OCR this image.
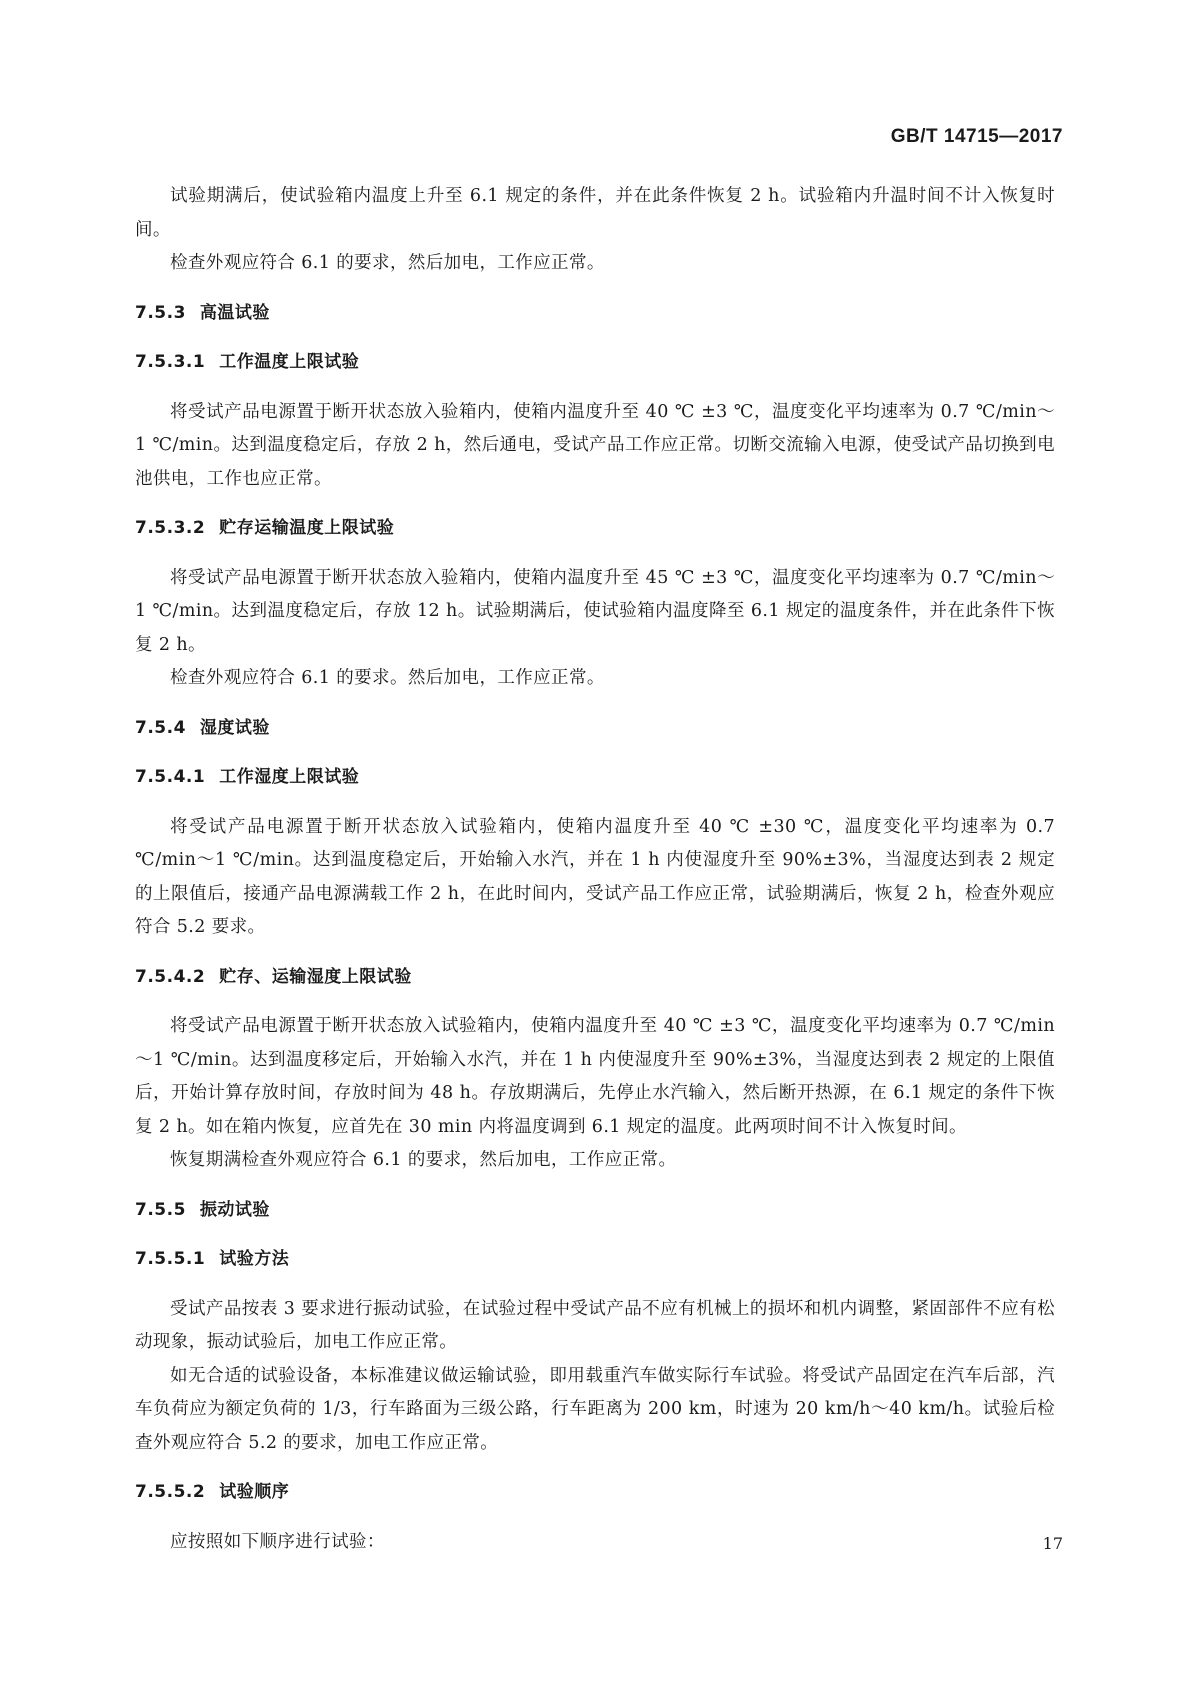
GB/T 14715—2017

试验期满后，使试验箱内温度上升至 6.1 规定的条件，并在此条件恢复 2 h。试验箱内升温时间不计入恢复时间。

检查外观应符合 6.1 的要求，然后加电，工作应正常。

7.5.3 高温试验
7.5.3.1 工作温度上限试验

将受试产品电源置于断开状态放入验箱内，使箱内温度升至 40 ℃ ±3 ℃，温度变化平均速率为 0.7 ℃/min～1 ℃/min。达到温度稳定后，存放 2 h，然后通电，受试产品工作应正常。切断交流输入电源，使受试产品切换到电池供电，工作也应正常。

7.5.3.2 贮存运输温度上限试验

将受试产品电源置于断开状态放入验箱内，使箱内温度升至 45 ℃ ±3 ℃，温度变化平均速率为 0.7 ℃/min～1 ℃/min。达到温度稳定后，存放 12 h。试验期满后，使试验箱内温度降至 6.1 规定的温度条件，并在此条件下恢复 2 h。

检查外观应符合 6.1 的要求。然后加电，工作应正常。

7.5.4 湿度试验
7.5.4.1 工作湿度上限试验

将受试产品电源置于断开状态放入试验箱内，使箱内温度升至 40 ℃ ±30 ℃，温度变化平均速率为 0.7 ℃/min～1 ℃/min。达到温度稳定后，开始输入水汽，并在 1 h 内使湿度升至 90%±3%，当湿度达到表 2 规定的上限值后，接通产品电源满载工作 2 h，在此时间内，受试产品工作应正常，试验期满后，恢复 2 h，检查外观应符合 5.2 要求。

7.5.4.2 贮存、运输湿度上限试验

将受试产品电源置于断开状态放入试验箱内，使箱内温度升至 40 ℃ ±3 ℃，温度变化平均速率为 0.7 ℃/min～1 ℃/min。达到温度移定后，开始输入水汽，并在 1 h 内使湿度升至 90%±3%，当湿度达到表 2 规定的上限值后，开始计算存放时间，存放时间为 48 h。存放期满后，先停止水汽输入，然后断开热源，在 6.1 规定的条件下恢复 2 h。如在箱内恢复，应首先在 30 min 内将温度调到 6.1 规定的温度。此两项时间不计入恢复时间。

恢复期满检查外观应符合 6.1 的要求，然后加电，工作应正常。

7.5.5 振动试验
7.5.5.1 试验方法

受试产品按表 3 要求进行振动试验，在试验过程中受试产品不应有机械上的损坏和机内调整，紧固部件不应有松动现象，振动试验后，加电工作应正常。

如无合适的试验设备，本标准建议做运输试验，即用载重汽车做实际行车试验。将受试产品固定在汽车后部，汽车负荷应为额定负荷的 1/3，行车路面为三级公路，行车距离为 200 km，时速为 20 km/h～40 km/h。试验后检查外观应符合 5.2 的要求，加电工作应正常。

7.5.5.2 试验顺序

应按照如下顺序进行试验：	17
